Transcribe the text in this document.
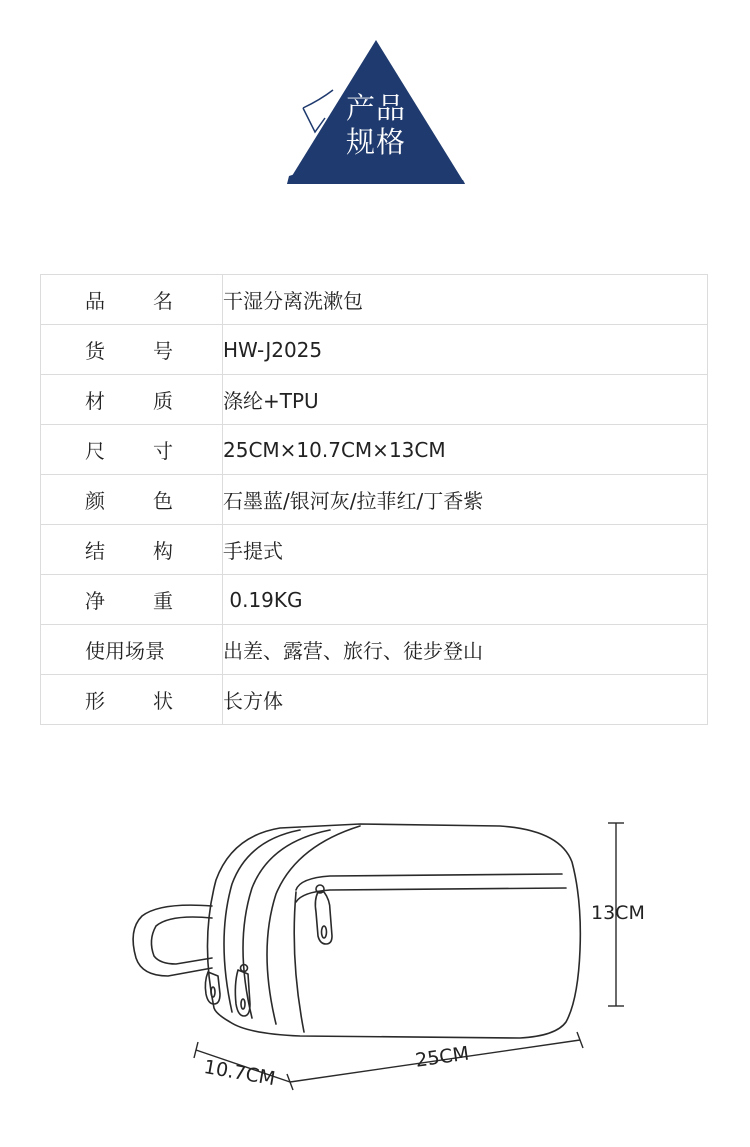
产品
规格
品 名	干湿分离洗漱包

货 号	HW-J2025

材 质	涤纶+TPU

尺 寸	25CM×10.7CM×13CM

颜 色	石墨蓝/银河灰/拉菲红/丁香紫

结 构	手提式

净 重	0.19KG

使用场景	出差、露营、旅行、徒步登山

形 状	长方体
13CM
25CM
10.7CM
